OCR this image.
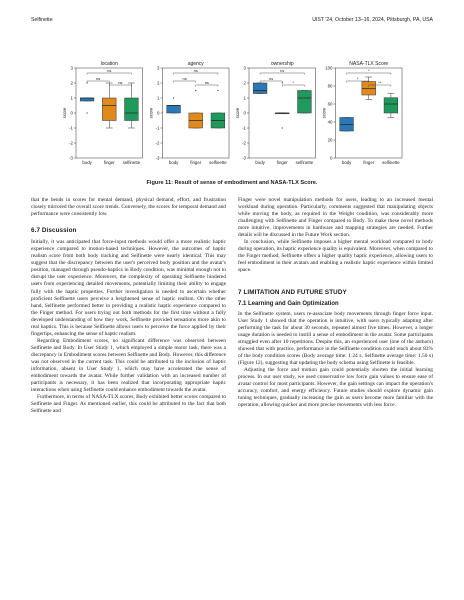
Selfinette	UIST '24, October 13–16, 2024, Pittsburgh, PA, USA
location
3
2
1
0
-1
-2
-3
score
body	finger selfinette
ns
ns
ns
agency
3
2
1
0
-1
-2
-3
score
body	finger selfinette
ns
ns
ns
ownership
3
2
1
0
-1
-2
-3
score
body	finger selfinette
ns
*
ns
NASA-TLX Score
100
80
60
40
20
0
score
body	finger selfinette
*
**
*
Figure 11: Result of sense of embodiment and NASA-TLX Score.

that the bends in scores for mental demand, physical demand, effort, and frustration closely mirrored the overall score trends. Conversely, the scores for temporal demand and performance were consistently low.

6.7 Discussion

Initially, it was anticipated that force-input methods would offer a more realistic haptic experience compared to motion-based techniques. However, the outcomes of haptic realism score from both body tracking and Selfinette were nearly identical. This may suggest that the discrepancy between the user's perceived body position and the avatar's position, managed through pseudo-haptics in Body condition, was minimal enough not to disrupt the user experience. Moreover, the complexity of operating Selfinette hindered users from experiencing detailed movements, potentially limiting their ability to engage fully with the haptic properties. Further investigation is needed to ascertain whether proficient Selfinette users perceive a heightened sense of haptic realism. On the other hand, Selfinette performed better in providing a realistic haptic experience compared to the Finger method. For users trying out both methods for the first time without a fully developed understanding of how they work, Selfinette provided sensations more akin to real haptics. This is because Selfinette allows users to perceive the force applied by their fingertips, enhancing the sense of haptic realism.

Regarding Embodiment scores, no significant difference was observed between Selfinette and Body. In User Study 1, which employed a simple motor task, there was a discrepancy in Embodiment scores between Selfinette and Body. However, this difference was not observed in the current task. This could be attributed to the inclusion of haptic information, absent in User Study 1, which may have accelerated the sense of embodiment towards the avatar. While further validation with an increased number of participants is necessary, it has been realized that incorporating appropriate haptic interactions when using Selfinette could enhance embodiment towards the avatar.

Furthermore, in terms of NASA-TLX scores, Body exhibited better scores compared to Selfinette and Finger. As mentioned earlier, this could be attributed to the fact that both Selfinette and

Finger were novel manipulation methods for users, leading to an increased mental workload during operation. Particularly, comments suggested that manipulating objects while moving the body, as required in the Weight condition, was considerably more challenging with Selfinette and Finger compared to Body. To make these novel methods more intuitive, improvements in hardware and mapping strategies are needed. Further details will be discussed in the Future Work section.

In conclusion, while Selfinette imposes a higher mental workload compared to body during operation, its haptic experience quality is equivalent. Moreover, when compared to the Finger method, Selfinette offers a higher quality haptic experience, allowing users to feel embodiment in their avatars and enabling a realistic haptic experience within limited space.

7 LIMITATION AND FUTURE STUDY
7.1 Learning and Gain Optimization

In the Selfinette system, users re-associate body movements through finger force input. User Study 1 showed that the operation is intuitive, with users typically adapting after performing the task for about 30 seconds, repeated almost five times. However, a longer usage duration is needed to instill a sense of embodiment in the avatar. Some participants struggled even after 10 repetitions. Despite this, an experienced user (one of the authors) showed that with practice, performance in the Selfinette condition could reach about 83% of the body condition scores (Body average time: 1.24 s, Selfinette average time: 1.50 s) (Figure 12), suggesting that updating the body schema using Selfinette is feasible.

Adjusting the force and motion gain could potentially shorten the initial learning process. In our user study, we used conservative low force gain values to ensure ease of avatar control for most participants. However, the gain settings can impact the operation's accuracy, comfort, and energy efficiency. Future studies should explore dynamic gain tuning techniques, gradually increasing the gain as users become more familiar with the operation, allowing quicker and more precise movements with less force.
